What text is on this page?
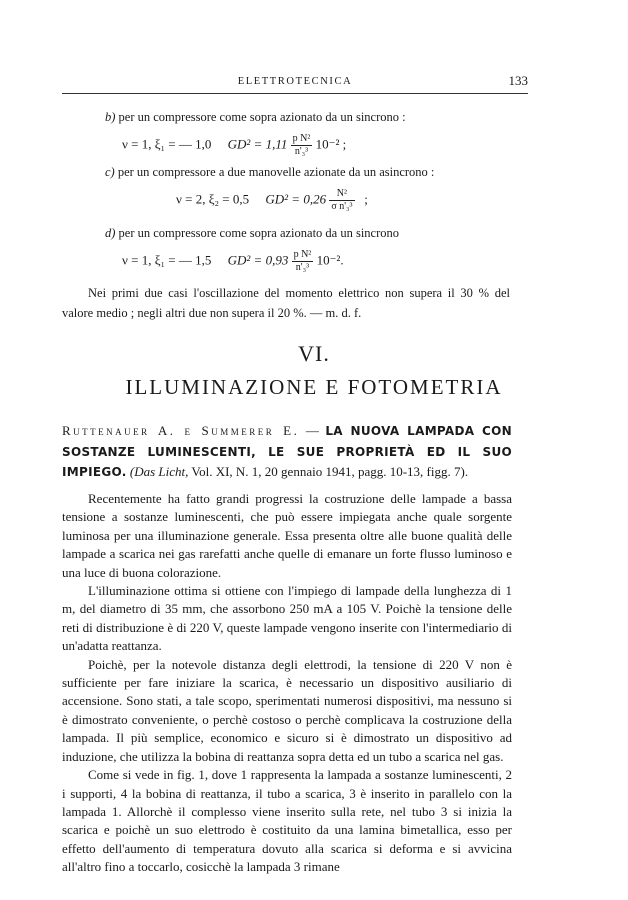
ELETTROTECNICA	133
b) per un compressore come sopra azionato da un sincrono :
ν = 1, ξ₁ = — 1,0 $GD^2 = 1,11 \frac{\text{p N²}}{\text{n'₃³}} 10^{-2}$ ;
c) per un compressore a due manovelle azionate da un asincrono :
ν = 2, ξ₂ = 0,5 $GD^2 = 0,26 \frac{\text{N²}}{\text{σ n'₃³}}$ ;
d) per un compressore come sopra azionato da un sincrono
ν = 1, ξ₁ = — 1,5 $GD^2 = 0,93 \frac{\text{p N²}}{\text{n'₃³}} 10^{-2}$.
Nei primi due casi l'oscillazione del momento elettrico non supera il 30 % del valore medio ; negli altri due non supera il 20 %. — m. d. f.
VI.
ILLUMINAZIONE E FOTOMETRIA
Ruttenauer A. e Summerer E. — LA NUOVA LAMPADA CON SOSTANZE LUMINESCENTI, LE SUE PROPRIETÀ ED IL SUO IMPIEGO. (Das Licht, Vol. XI, N. 1, 20 gennaio 1941, pagg. 10-13, figg. 7).

Recentemente ha fatto grandi progressi la costruzione delle lampade a bassa tensione a sostanze luminescenti, che può essere impiegata anche quale sorgente luminosa per una illuminazione generale. Essa presenta oltre alle buone qualità delle lampade a scarica nei gas rarefatti anche quelle di emanare un forte flusso luminoso e una luce di buona colorazione.

L'illuminazione ottima si ottiene con l'impiego di lampade della lunghezza di 1 m, del diametro di 35 mm, che assorbono 250 mA a 105 V. Poichè la tensione delle reti di distribuzione è di 220 V, queste lampade vengono inserite con l'intermediario di un'adatta reattanza.

Poichè, per la notevole distanza degli elettrodi, la tensione di 220 V non è sufficiente per fare iniziare la scarica, è necessario un dispositivo ausiliario di accensione. Sono stati, a tale scopo, sperimentati numerosi dispositivi, ma nessuno si è dimostrato conveniente, o perchè costoso o perchè complicava la costruzione della lampada. Il più semplice, economico e sicuro si è dimostrato un dispositivo ad induzione, che utilizza la bobina di reattanza sopra detta ed un tubo a scarica nel gas.

Come si vede in fig. 1, dove 1 rappresenta la lampada a sostanze luminescenti, 2 i supporti, 4 la bobina di reattanza, il tubo a scarica, 3 è inserito in parallelo con la lampada 1. Allorchè il complesso viene inserito sulla rete, nel tubo 3 si inizia la scarica e poichè un suo elettrodo è costituito da una lamina bimetallica, esso per effetto dell'aumento di temperatura dovuto alla scarica si deforma e si avvicina all'altro fino a toccarlo, cosicchè la lampada 3 rimane
